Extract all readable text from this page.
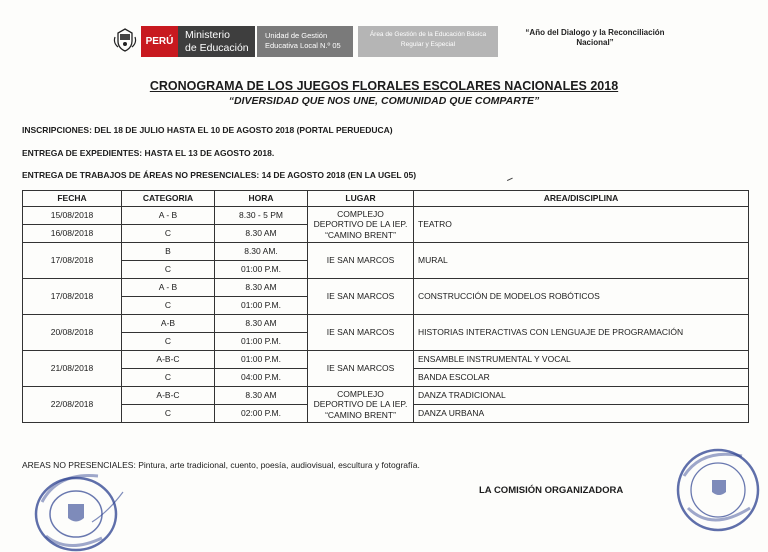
PERÚ
Ministerio
de Educación
Unidad de Gestión
Educativa Local N.º 05
Área de Gestión de la Educación Básica
Regular y Especial
“Año del Dialogo y la Reconciliación
Nacional”
CRONOGRAMA DE LOS JUEGOS FLORALES ESCOLARES NACIONALES 2018
“DIVERSIDAD QUE NOS UNE, COMUNIDAD QUE COMPARTE”
INSCRIPCIONES: DEL 18 DE JULIO HASTA EL 10 DE AGOSTO 2018 (PORTAL PERUEDUCA)
ENTREGA DE EXPEDIENTES: HASTA EL 13 DE AGOSTO 2018.
ENTREGA DE TRABAJOS DE ÁREAS NO PRESENCIALES: 14 DE AGOSTO 2018 (EN LA UGEL 05)
FECHA	CATEGORIA	HORA	LUGAR	AREA/DISCIPLINA
15/08/2018	A - B	8.30 - 5 PM	COMPLEJO
DEPORTIVO DE LA IEP.
“CAMINO BRENT”	TEATRO
16/08/2018	C	8.30 AM		
17/08/2018	B	8.30 AM.	IE SAN MARCOS	MURAL
	C	01:00 P.M.		
17/08/2018	A - B	8.30 AM	IE SAN MARCOS	CONSTRUCCIÓN DE MODELOS ROBÓTICOS
	C	01:00 P.M.		
20/08/2018	A-B	8.30 AM	IE SAN MARCOS	HISTORIAS INTERACTIVAS CON LENGUAJE DE PROGRAMACIÓN
	C	01:00 P.M.		
21/08/2018	A-B-C	01:00 P.M.	IE SAN MARCOS	ENSAMBLE INSTRUMENTAL Y VOCAL
	C	04:00 P.M.		BANDA ESCOLAR
22/08/2018	A-B-C	8.30 AM	COMPLEJO
DEPORTIVO DE LA IEP.
“CAMINO BRENT”	DANZA TRADICIONAL
	C	02:00 P.M.		DANZA URBANA
AREAS NO PRESENCIALES: Pintura, arte tradicional, cuento, poesía, audiovisual, escultura y fotografía.
LA COMISIÓN ORGANIZADORA
